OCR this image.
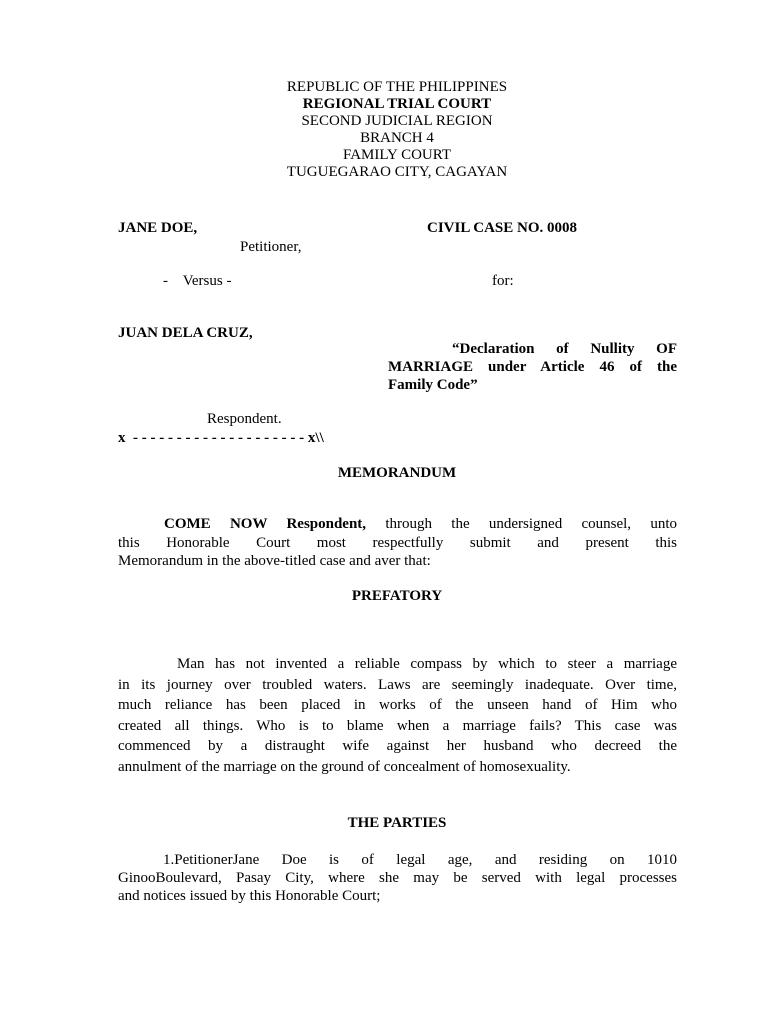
REPUBLIC OF THE PHILIPPINES
REGIONAL TRIAL COURT
SECOND JUDICIAL REGION
BRANCH 4
FAMILY COURT
TUGUEGARAO CITY, CAGAYAN
JANE DOE,
Petitioner,
CIVIL CASE NO. 0008
-    Versus -	for:
JUAN DELA CRUZ,
“Declaration of Nullity OF
MARRIAGE under Article 46 of the
Family Code”
Respondent.
x  - - - - - - - - - - - - - - - - - - - - x\\
MEMORANDUM
COME NOW Respondent, through the undersigned counsel, unto
this Honorable Court most respectfully submit and present this
Memorandum in the above-titled case and aver that:
PREFATORY
Man has not invented a reliable compass by which to steer a marriage
in its journey over troubled waters. Laws are seemingly inadequate. Over time,
much reliance has been placed in works of the unseen hand of Him who
created all things. Who is to blame when a marriage fails? This case was
commenced by a distraught wife against her husband who decreed the
annulment of the marriage on the ground of concealment of homosexuality.
THE PARTIES
1.PetitionerJane Doe is of legal age, and residing on 1010
GinooBoulevard, Pasay City, where she may be served with legal processes
and notices issued by this Honorable Court;
